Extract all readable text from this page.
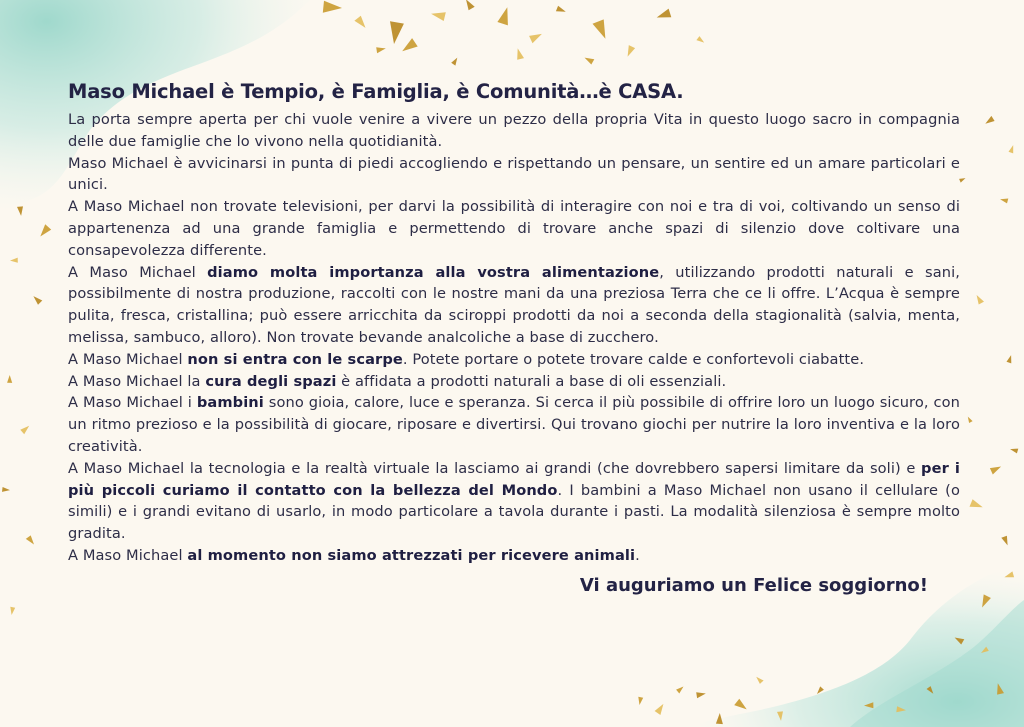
Maso Michael è Tempio, è Famiglia, è Comunità…è CASA.

La porta sempre aperta per chi vuole venire a vivere un pezzo della propria Vita in questo luogo sacro in compagnia delle due famiglie che lo vivono nella quotidianità.

Maso Michael è avvicinarsi in punta di piedi accogliendo e rispettando un pensare, un sentire ed un amare particolari e unici.

A Maso Michael non trovate televisioni, per darvi la possibilità di interagire con noi e tra di voi, coltivando un senso di appartenenza ad una grande famiglia e permettendo di trovare anche spazi di silenzio dove coltivare una consapevolezza differente.

A Maso Michael diamo molta importanza alla vostra alimentazione, utilizzando prodotti naturali e sani, possibilmente di nostra produzione, raccolti con le nostre mani da una preziosa Terra che ce li offre. L’Acqua è sempre pulita, fresca, cristallina; può essere arricchita da sciroppi prodotti da noi a seconda della stagionalità (salvia, menta, melissa, sambuco, alloro). Non trovate bevande analcoliche a base di zucchero.

A Maso Michael non si entra con le scarpe. Potete portare o potete trovare calde e confortevoli ciabatte.

A Maso Michael la cura degli spazi è affidata a prodotti naturali a base di oli essenziali.

A Maso Michael i bambini sono gioia, calore, luce e speranza. Si cerca il più possibile di offrire loro un luogo sicuro, con un ritmo prezioso e la possibilità di giocare, riposare e divertirsi. Qui trovano giochi per nutrire la loro inventiva e la loro creatività.

A Maso Michael la tecnologia e la realtà virtuale la lasciamo ai grandi (che dovrebbero sapersi limitare da soli) e per i più piccoli curiamo il contatto con la bellezza del Mondo. I bambini a Maso Michael non usano il cellulare (o simili) e i grandi evitano di usarlo, in modo particolare a tavola durante i pasti. La modalità silenziosa è sempre molto gradita.

A Maso Michael al momento non siamo attrezzati per ricevere animali.

Vi auguriamo un Felice soggiorno!
